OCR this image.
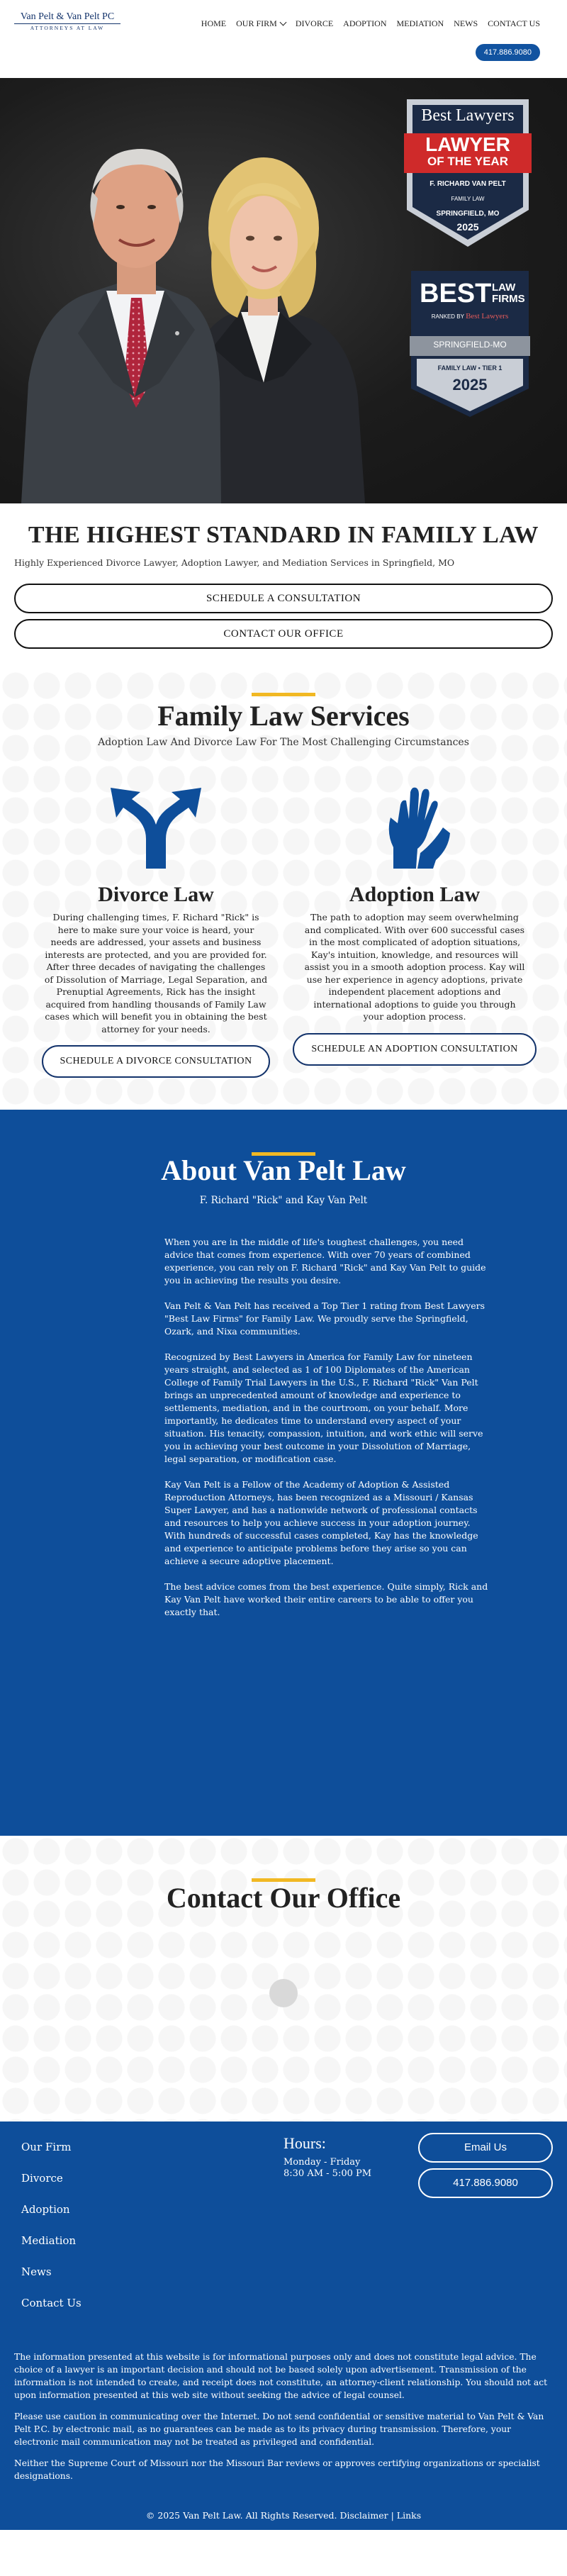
Van Pelt & Van Pelt PC
ATTORNEYS AT LAW	HOME OUR FIRM DIVORCE ADOPTION MEDIATION NEWS CONTACT US
417.886.9080
Best Lawyers
LAWYER
OF THE YEAR
F. RICHARD VAN PELT
FAMILY LAW
SPRINGFIELD, MO
2025
BEST LAW
FIRMS
RANKED BY Best Lawyers
SPRINGFIELD-MO
FAMILY LAW • TIER 1
2025
THE HIGHEST STANDARD IN FAMILY LAW

Highly Experienced Divorce Lawyer, Adoption Lawyer, and Mediation Services in Springfield, MO

SCHEDULE A CONSULTATION
CONTACT OUR OFFICE
Family Law Services

Adoption Law And Divorce Law For The Most Challenging Circumstances

Divorce Law

During challenging times, F. Richard "Rick" is here to make sure your voice is heard, your needs are addressed, your assets and business interests are protected, and you are provided for. After three decades of navigating the challenges of Dissolution of Marriage, Legal Separation, and Prenuptial Agreements, Rick has the insight acquired from handling thousands of Family Law cases which will benefit you in obtaining the best attorney for your needs.

SCHEDULE A DIVORCE CONSULTATION
Adoption Law

The path to adoption may seem overwhelming and complicated. With over 600 successful cases in the most complicated of adoption situations, Kay's intuition, knowledge, and resources will assist you in a smooth adoption process. Kay will use her experience in agency adoptions, private independent placement adoptions and international adoptions to guide you through your adoption process.

SCHEDULE AN ADOPTION CONSULTATION
About Van Pelt Law

F. Richard "Rick" and Kay Van Pelt

When you are in the middle of life's toughest challenges, you need advice that comes from experience. With over 70 years of combined experience, you can rely on F. Richard "Rick" and Kay Van Pelt to guide you in achieving the results you desire.

Van Pelt & Van Pelt has received a Top Tier 1 rating from Best Lawyers "Best Law Firms" for Family Law. We proudly serve the Springfield, Ozark, and Nixa communities.

Recognized by Best Lawyers in America for Family Law for nineteen years straight, and selected as 1 of 100 Diplomates of the American College of Family Trial Lawyers in the U.S., F. Richard "Rick" Van Pelt brings an unprecedented amount of knowledge and experience to settlements, mediation, and in the courtroom, on your behalf. More importantly, he dedicates time to understand every aspect of your situation. His tenacity, compassion, intuition, and work ethic will serve you in achieving your best outcome in your Dissolution of Marriage, legal separation, or modification case.

Kay Van Pelt is a Fellow of the Academy of Adoption & Assisted Reproduction Attorneys, has been recognized as a Missouri / Kansas Super Lawyer, and has a nationwide network of professional contacts and resources to help you achieve success in your adoption journey. With hundreds of successful cases completed, Kay has the knowledge and experience to anticipate problems before they arise so you can achieve a secure adoptive placement.

The best advice comes from the best experience. Quite simply, Rick and Kay Van Pelt have worked their entire careers to be able to offer you exactly that.

Contact Our Office
Our Firm
Divorce
Adoption
Mediation
News
Contact Us
Hours:
Monday - Friday
8:30 AM - 5:00 PM
Email Us
417.886.9080

The information presented at this website is for informational purposes only and does not constitute legal advice. The choice of a lawyer is an important decision and should not be based solely upon advertisement. Transmission of the information is not intended to create, and receipt does not constitute, an attorney-client relationship. You should not act upon information presented at this web site without seeking the advice of legal counsel.

Please use caution in communicating over the Internet. Do not send confidential or sensitive material to Van Pelt & Van Pelt P.C. by electronic mail, as no guarantees can be made as to its privacy during transmission. Therefore, your electronic mail communication may not be treated as privileged and confidential.

Neither the Supreme Court of Missouri nor the Missouri Bar reviews or approves certifying organizations or specialist designations.

© 2025 Van Pelt Law. All Rights Reserved. Disclaimer | Links
